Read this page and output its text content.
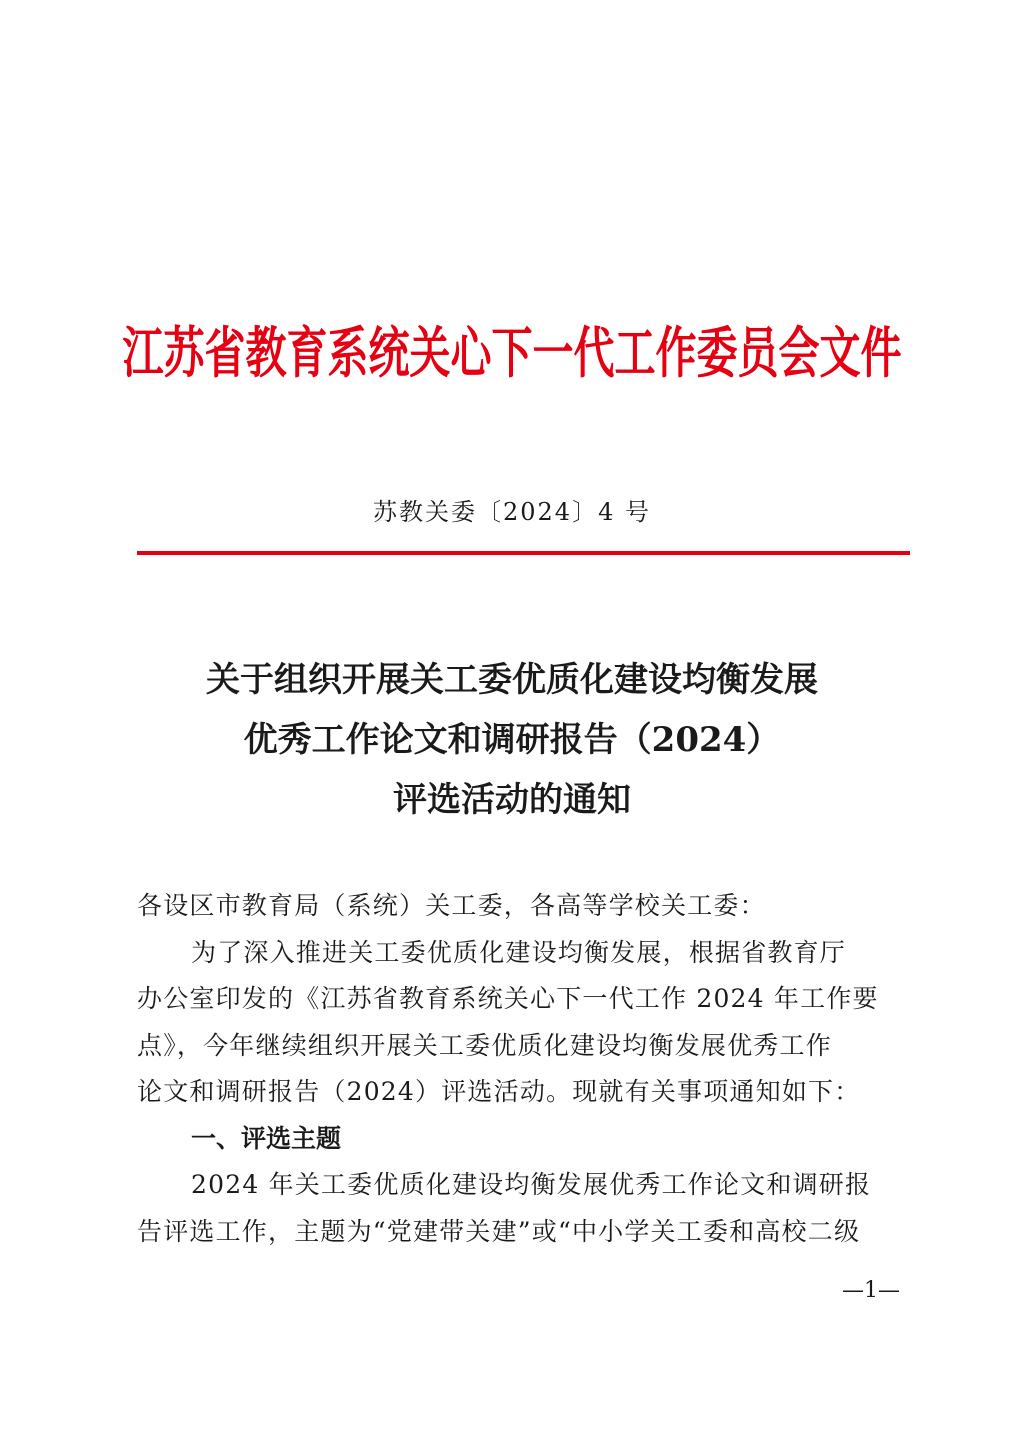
江苏省教育系统关心下一代工作委员会文件
苏教关委〔2024〕4 号
关于组织开展关工委优质化建设均衡发展
优秀工作论文和调研报告（2024）
评选活动的通知

各设区市教育局（系统）关工委，各高等学校关工委：

为了深入推进关工委优质化建设均衡发展，根据省教育厅

办公室印发的《江苏省教育系统关心下一代工作 2024 年工作要

点》，今年继续组织开展关工委优质化建设均衡发展优秀工作

论文和调研报告（2024）评选活动。现就有关事项通知如下：

一、评选主题

2024 年关工委优质化建设均衡发展优秀工作论文和调研报

告评选工作，主题为“党建带关建”或“中小学关工委和高校二级

—1—
